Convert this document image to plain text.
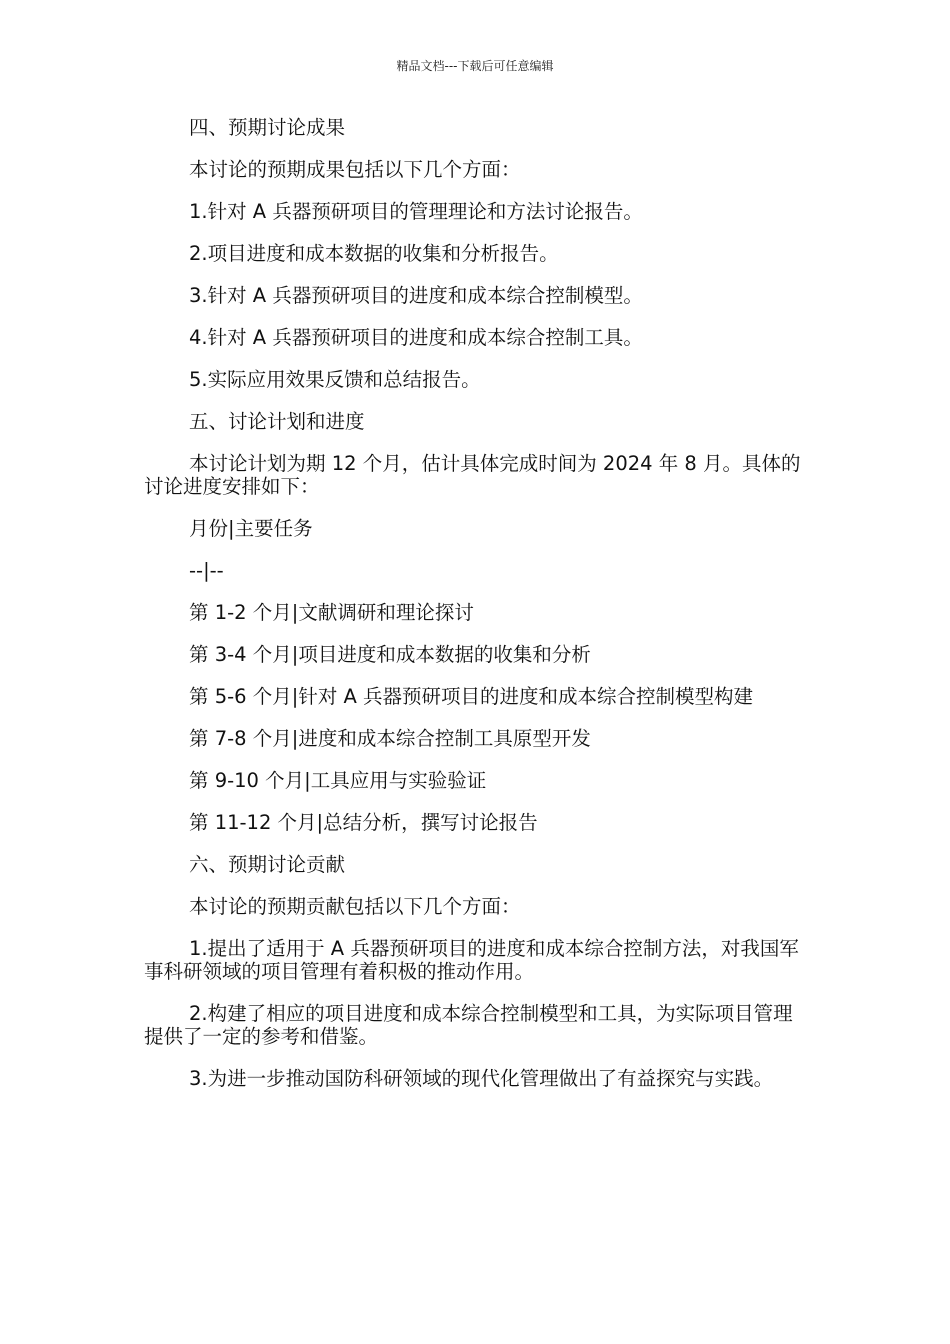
精品文档---下载后可任意编辑

四、预期讨论成果

本讨论的预期成果包括以下几个方面：

1.针对 A 兵器预研项目的管理理论和方法讨论报告。

2.项目进度和成本数据的收集和分析报告。

3.针对 A 兵器预研项目的进度和成本综合控制模型。

4.针对 A 兵器预研项目的进度和成本综合控制工具。

5.实际应用效果反馈和总结报告。

五、讨论计划和进度

本讨论计划为期 12 个月，估计具体完成时间为 2024 年 8 月。具体的讨论进度安排如下：

月份|主要任务

--|--

第 1-2 个月|文献调研和理论探讨

第 3-4 个月|项目进度和成本数据的收集和分析

第 5-6 个月|针对 A 兵器预研项目的进度和成本综合控制模型构建

第 7-8 个月|进度和成本综合控制工具原型开发

第 9-10 个月|工具应用与实验验证

第 11-12 个月|总结分析，撰写讨论报告

六、预期讨论贡献

本讨论的预期贡献包括以下几个方面：

1.提出了适用于 A 兵器预研项目的进度和成本综合控制方法，对我国军事科研领域的项目管理有着积极的推动作用。

2.构建了相应的项目进度和成本综合控制模型和工具，为实际项目管理提供了一定的参考和借鉴。

3.为进一步推动国防科研领域的现代化管理做出了有益探究与实践。
